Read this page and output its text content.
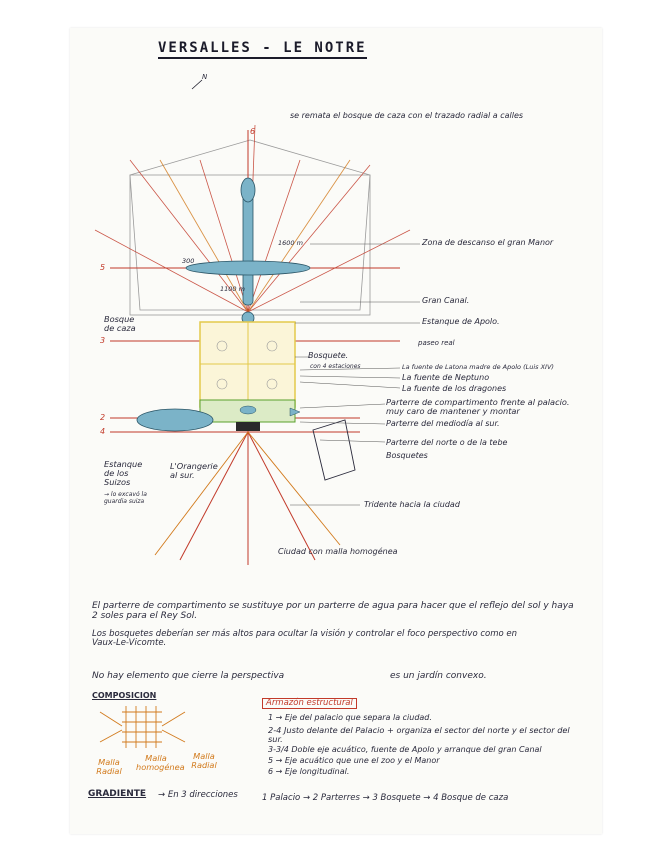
VERSALLES - LE NOTRE
N
se remata el bosque de caza con el trazado radial a calles
6
5
3
2
4
1600 m
300
1100 m
Zona de descanso el gran Manor
Gran Canal.
Estanque de Apolo.
paseo real
Bosquete.
con 4 estaciones	La fuente de Latona madre de Apolo (Luis XIV)
La fuente de Neptuno
La fuente de los dragones
Parterre de compartimento frente al palacio. muy caro de mantener y montar
Parterre del mediodía al sur.
Parterre del norte o de la tebe
Bosquetes
Tridente hacia la ciudad
Ciudad con malla homogénea
Bosque de caza
Estanque de los Suizos
→ lo excavó la guardia suiza
L'Orangerie al sur.
El parterre de compartimento se sustituye por un parterre de agua para hacer que el reflejo del sol y haya 2 soles para el Rey Sol.
Los bosquetes deberían ser más altos para ocultar la visión y controlar el foco perspectivo como en Vaux-Le-Vicomte.
No hay elemento que cierre la perspectiva	es un jardín convexo.
COMPOSICION
Malla Radial
Malla homogénea
Malla Radial
Armazón estructural
1 → Eje del palacio que separa la ciudad.
2-4 Justo delante del Palacio + organiza el sector del norte y el sector del sur.
3-3/4 Doble eje acuático, fuente de Apolo y arranque del gran Canal
5 → Eje acuático que une el zoo y el Manor
6 → Eje longitudinal.
GRADIENTE → En 3 direcciones	1 Palacio → 2 Parterres → 3 Bosquete → 4 Bosque de caza
